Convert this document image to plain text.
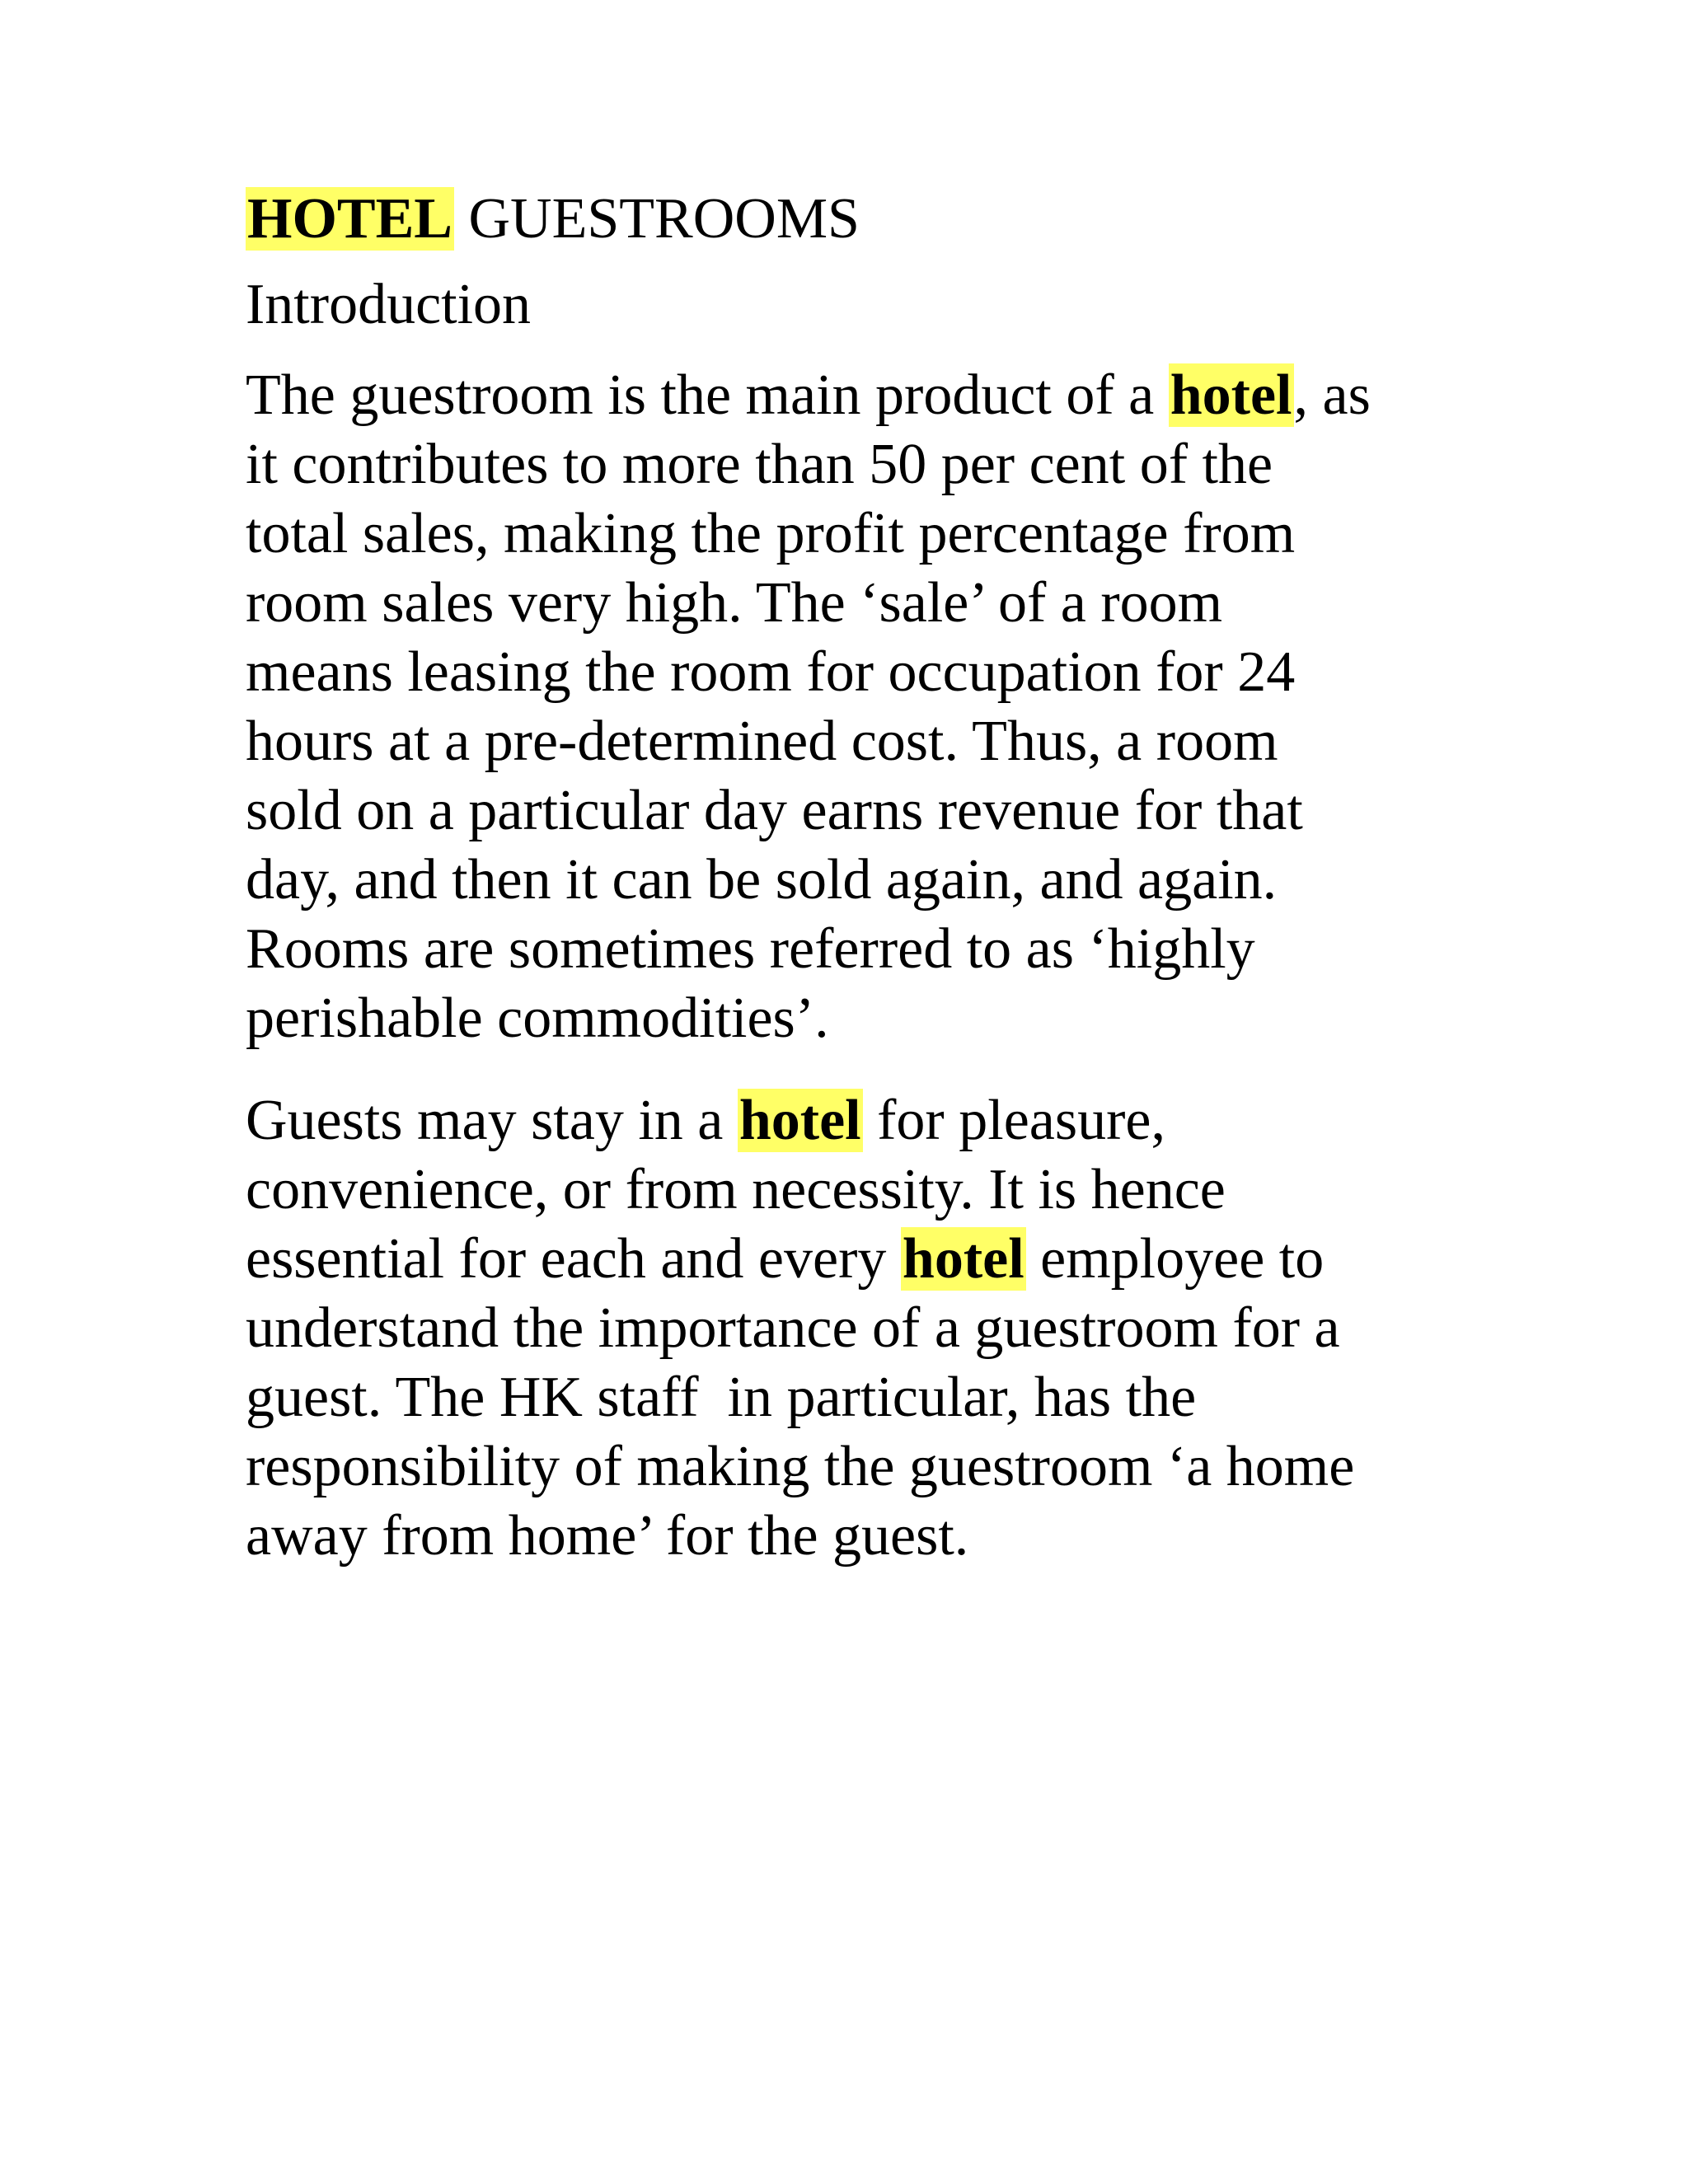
HOTEL GUESTROOMS
Introduction
The guestroom is the main product of a hotel, as
it contributes to more than 50 per cent of the
total sales, making the profit percentage from
room sales very high. The ‘sale’ of a room
means leasing the room for occupation for 24
hours at a pre-determined cost. Thus, a room
sold on a particular day earns revenue for that
day, and then it can be sold again, and again.
Rooms are sometimes referred to as ‘highly
perishable commodities’.
Guests may stay in a hotel for pleasure,
convenience, or from necessity. It is hence
essential for each and every hotel employee to
understand the importance of a guestroom for a
guest. The HK staff  in particular, has the
responsibility of making the guestroom ‘a home
away from home’ for the guest.
